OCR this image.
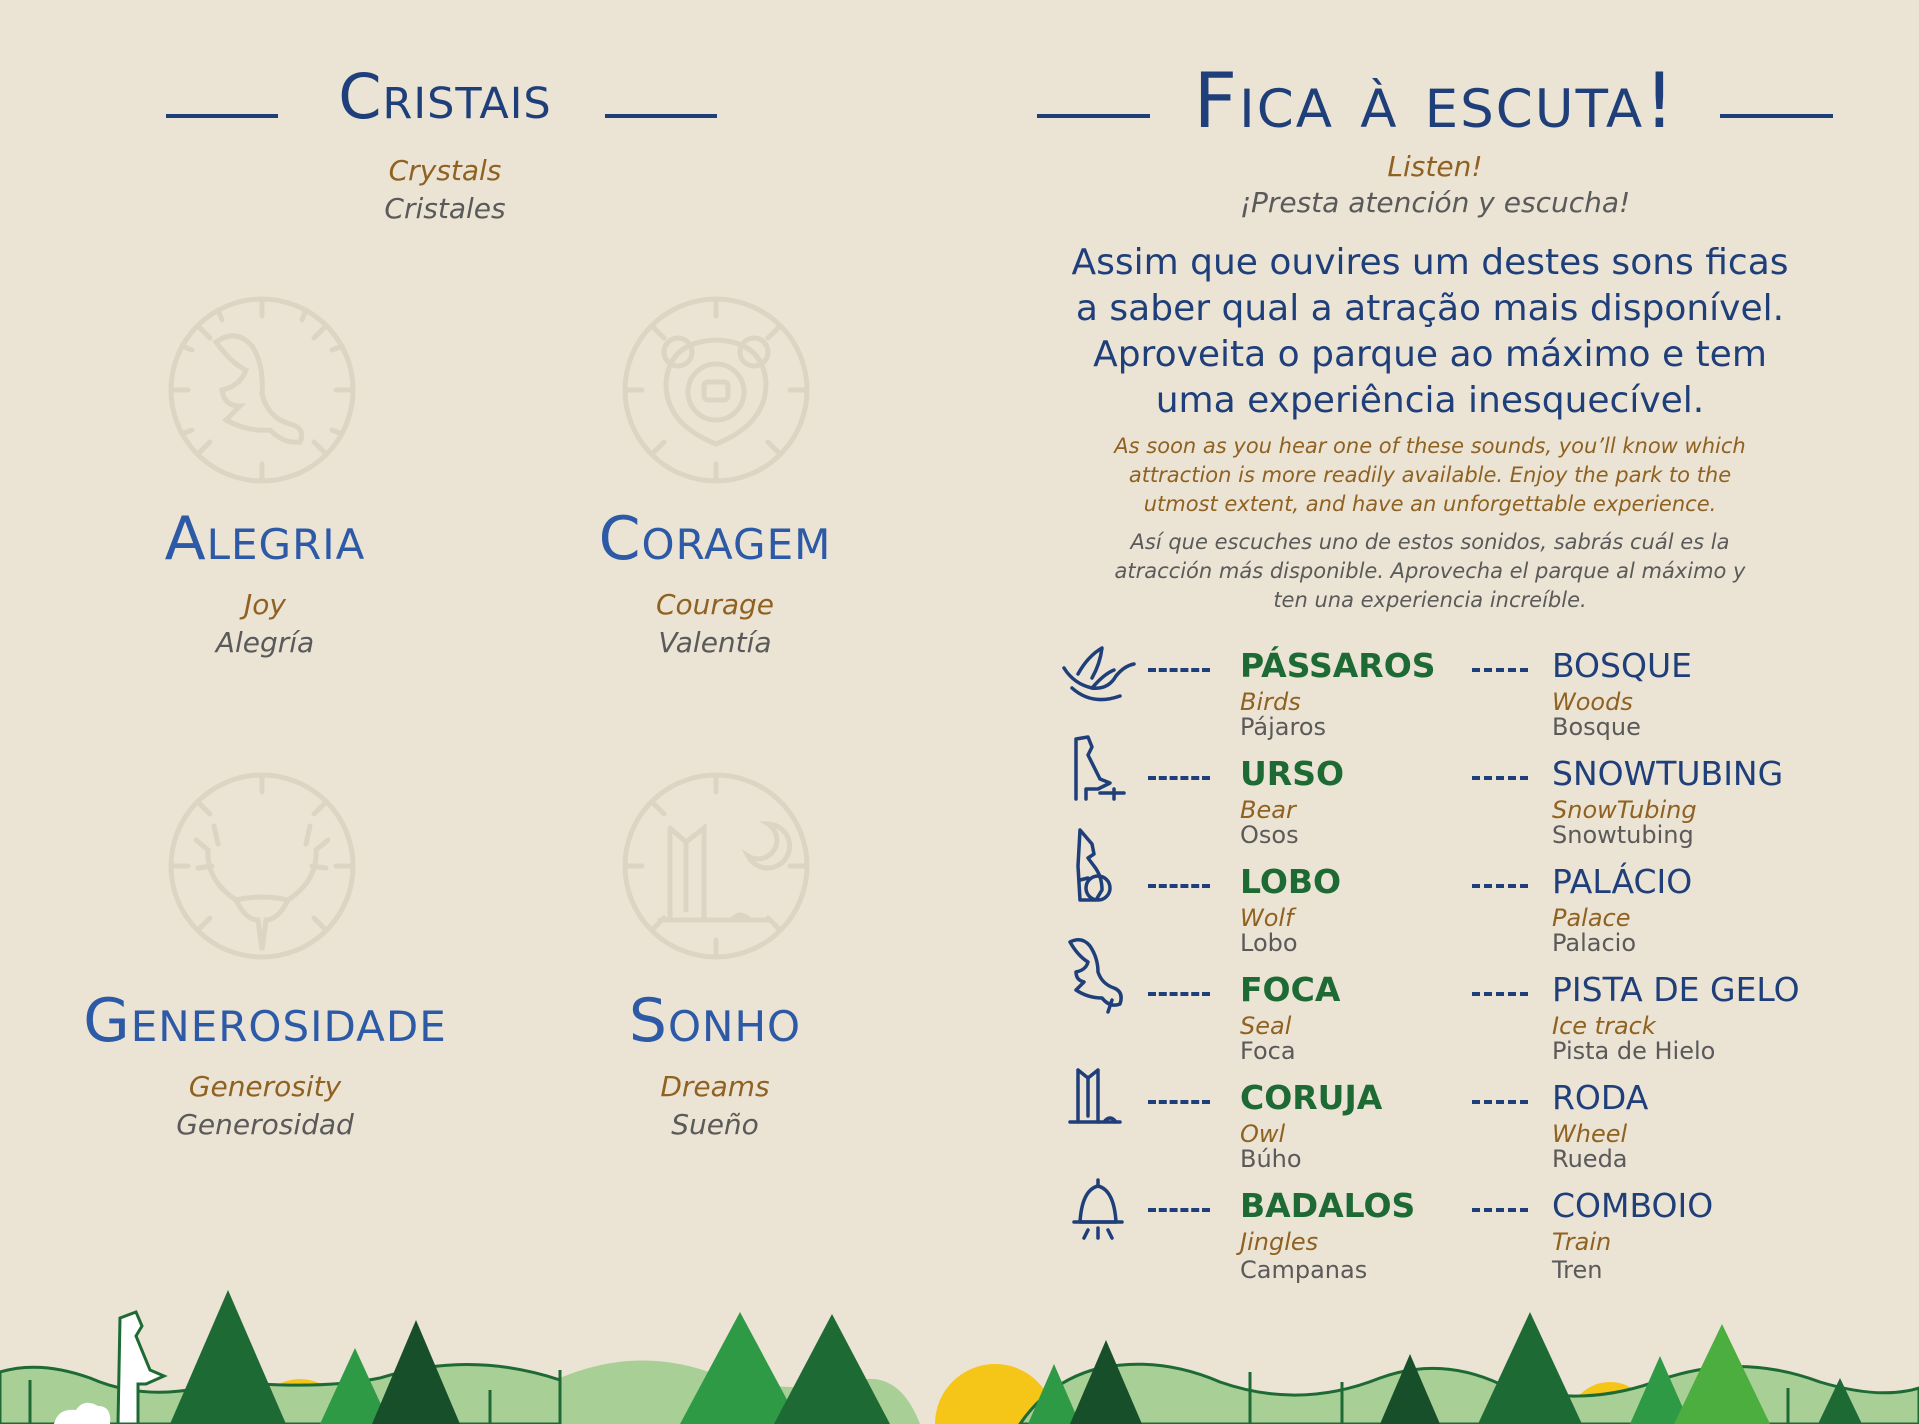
Cristais
Crystals
Cristales
Alegria
Joy
Alegría
Coragem
Courage
Valentía
Generosidade
Generosity
Generosidad
Sonho
Dreams
Sueño
Fica à escuta!
Listen!
¡Presta atención y escucha!
Assim que ouvires um destes sons ficas
a saber qual a atração mais disponível.
Aproveita o parque ao máximo e tem
uma experiência inesquecível.
As soon as you hear one of these sounds, you’ll know which
attraction is more readily available. Enjoy the park to the
utmost extent, and have an unforgettable experience.
Así que escuches uno de estos sonidos, sabrás cuál es la
atracción más disponible. Aprovecha el parque al máximo y
ten una experiencia increíble.
PÁSSAROS
Birds
Pájaros
BOSQUE
Woods
Bosque
URSO
Bear
Osos
SNOWTUBING
SnowTubing
Snowtubing
LOBO
Wolf
Lobo
PALÁCIO
Palace
Palacio
FOCA
Seal
Foca
PISTA DE GELO
Ice track
Pista de Hielo
CORUJA
Owl
Búho
RODA
Wheel
Rueda
BADALOS
Jingles
Campanas
COMBOIO
Train
Tren
